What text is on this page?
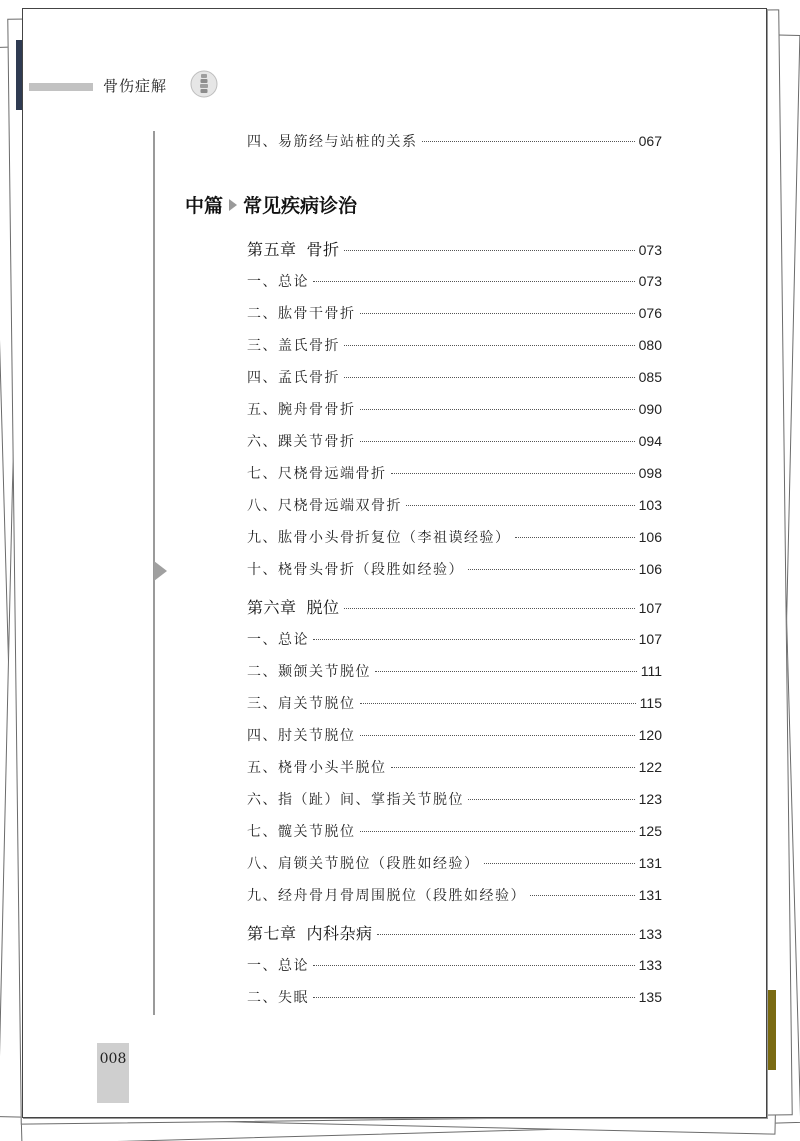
骨伤症解
四、易筋经与站桩的关系	067
中篇 常见疾病诊治
第五章 骨折	073
一、总论	073
二、肱骨干骨折	076
三、盖氏骨折	080
四、孟氏骨折	085
五、腕舟骨骨折	090
六、踝关节骨折	094
七、尺桡骨远端骨折	098
八、尺桡骨远端双骨折	103
九、肱骨小头骨折复位（李祖谟经验）	106
十、桡骨头骨折（段胜如经验）	106
第六章 脱位	107
一、总论	107
二、颞颌关节脱位	111
三、肩关节脱位	115
四、肘关节脱位	120
五、桡骨小头半脱位	122
六、指（趾）间、掌指关节脱位	123
七、髋关节脱位	125
八、肩锁关节脱位（段胜如经验）	131
九、经舟骨月骨周围脱位（段胜如经验）	131
第七章 内科杂病	133
一、总论	133
二、失眠	135
008
